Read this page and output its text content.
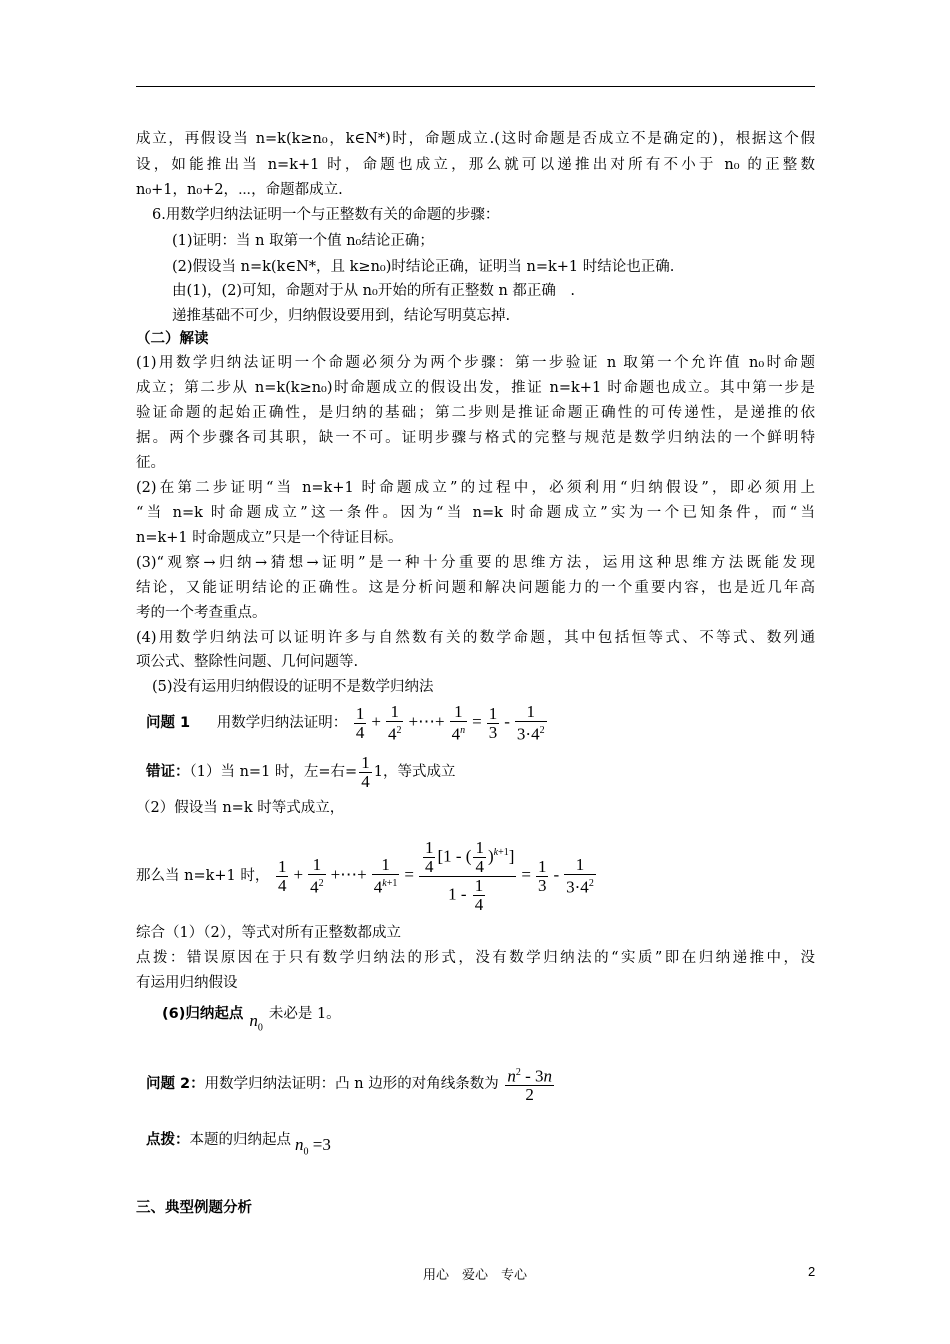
成立，再假设当 n=k(k≥n₀，k∈N*)时，命题成立.(这时命题是否成立不是确定的)，根据这个假
设，如能推出当 n=k+1 时，命题也成立，那么就可以递推出对所有不小于 n₀ 的正整数
n₀+1，n₀+2，⋯，命题都成立.
6.用数学归纳法证明一个与正整数有关的命题的步骤：
(1)证明：当 n 取第一个值 n₀结论正确；
(2)假设当 n=k(k∈N*，且 k≥n₀)时结论正确，证明当 n=k+1 时结论也正确.
由(1)，(2)可知，命题对于从 n₀开始的所有正整数 n 都正确　.
递推基础不可少，归纳假设要用到，结论写明莫忘掉.
（二）解读
(1)用数学归纳法证明一个命题必须分为两个步骤：第一步验证 n 取第一个允许值 n₀时命题
成立；第二步从 n=k(k≥n₀)时命题成立的假设出发，推证 n=k+1 时命题也成立。其中第一步是
验证命题的起始正确性，是归纳的基础；第二步则是推证命题正确性的可传递性，是递推的依
据。两个步骤各司其职，缺一不可。证明步骤与格式的完整与规范是数学归纳法的一个鲜明特
征。
(2)在第二步证明“当 n=k+1 时命题成立”的过程中，必须利用“归纳假设”，即必须用上
“当 n=k 时命题成立”这一条件。因为“当 n=k 时命题成立”实为一个已知条件，而“当
n=k+1 时命题成立”只是一个待证目标。
(3)“观察→归纳→猜想→证明”是一种十分重要的思维方法，运用这种思维方法既能发现
结论，又能证明结论的正确性。这是分析问题和解决问题能力的一个重要内容，也是近几年高
考的一个考查重点。
(4)用数学归纳法可以证明许多与自然数有关的数学命题，其中包括恒等式、不等式、数列通
项公式、整除性问题、几何问题等.
(5)没有运用归纳假设的证明不是数学归纳法
问题 1 用数学归纳法证明： $\frac{1}{4} + \frac{1}{4^2}$ +⋯+ $\frac{1}{4^n} = \frac{1}{3} - \frac{1}{3\cdot 4^2}$
错证：（1）当 n=1 时，左=右= $\frac{1}{4} 1$，等式成立
（2）假设当 n=k 时等式成立，
那么当 n=k+1 时， $\frac{1}{4} + \frac{1}{4^2}$ +⋯+ $\frac{1}{4^{k+1}} = \frac{\frac{1}{4} [1 - ( \frac{1}{4} )^{k+1}]}{1 - \frac{1}{4}} = \frac{1}{3} - \frac{1}{3\cdot 4^2}$
综合（1）（2），等式对所有正整数都成立
点拨：错误原因在于只有数学归纳法的形式，没有数学归纳法的“实质”即在归纳递推中，没
有运用归纳假设
(6)归纳起点 $n_0$未必是 1。
问题 2：用数学归纳法证明：凸 n 边形的对角线条数为 $\frac{n^2 - 3n}{2}$
点拨：本题的归纳起点 $n_0 =3$
三、典型例题分析
用心　爱心　专心	2
